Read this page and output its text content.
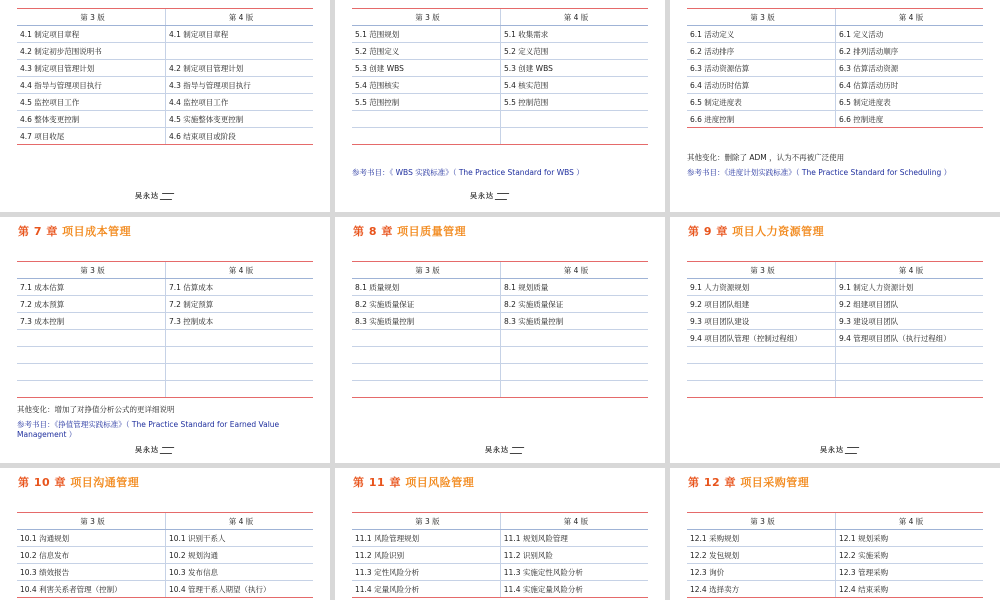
第 3 版	第 4 版
4.1 制定项目章程	4.1 制定项目章程
4.2 制定初步范围说明书	
4.3 制定项目管理计划	4.2 制定项目管理计划
4.4 指导与管理项目执行	4.3 指导与管理项目执行
4.5 监控项目工作	4.4 监控项目工作
4.6 整体变更控制	4.5 实施整体变更控制
4.7 项目收尾	4.6 结束项目或阶段
吴永达
第 3 版	第 4 版
5.1 范围规划	5.1 收集需求
5.2 范围定义	5.2 定义范围
5.3 创建 WBS	5.3 创建 WBS
5.4 范围核实	5.4 核实范围
5.5 范围控制	5.5 控制范围

参考书目：《 WBS 实践标准》（ The Practice Standard for WBS ）
吴永达
第 3 版	第 4 版
6.1 活动定义	6.1 定义活动
6.2 活动排序	6.2 排列活动顺序
6.3 活动资源估算	6.3 估算活动资源
6.4 活动历时估算	6.4 估算活动历时
6.5 制定进度表	6.5 制定进度表
6.6 进度控制	6.6 控制进度
其他变化：删除了 ADM ，认为不再被广泛使用
参考书目：《进度计划实践标准》（ The Practice Standard for Scheduling ）
第 7 章 项目成本管理
第 3 版	第 4 版
7.1 成本估算	7.1 估算成本
7.2 成本预算	7.2 制定预算
7.3 成本控制	7.3 控制成本

其他变化：增加了对挣值分析公式的更详细说明
参考书目：《挣值管理实践标准》（ The Practice Standard for Earned Value Management ）
吴永达
第 8 章 项目质量管理
第 3 版	第 4 版
8.1 质量规划	8.1 规划质量
8.2 实施质量保证	8.2 实施质量保证
8.3 实施质量控制	8.3 实施质量控制

吴永达
第 9 章 项目人力资源管理
第 3 版	第 4 版
9.1 人力资源规划	9.1 制定人力资源计划
9.2 项目团队组建	9.2 组建项目团队
9.3 项目团队建设	9.3 建设项目团队
9.4 项目团队管理（控制过程组）	9.4 管理项目团队（执行过程组）

吴永达
第 10 章 项目沟通管理
第 3 版	第 4 版
10.1 沟通规划	10.1 识别干系人
10.2 信息发布	10.2 规划沟通
10.3 绩效报告	10.3 发布信息
10.4 利害关系者管理（控制）	10.4 管理干系人期望（执行）
第 11 章 项目风险管理
第 3 版	第 4 版
11.1 风险管理规划	11.1 规划风险管理
11.2 风险识别	11.2 识别风险
11.3 定性风险分析	11.3 实施定性风险分析
11.4 定量风险分析	11.4 实施定量风险分析
第 12 章 项目采购管理
第 3 版	第 4 版
12.1 采购规划	12.1 规划采购
12.2 发包规划	12.2 实施采购
12.3 询价	12.3 管理采购
12.4 选择卖方	12.4 结束采购
